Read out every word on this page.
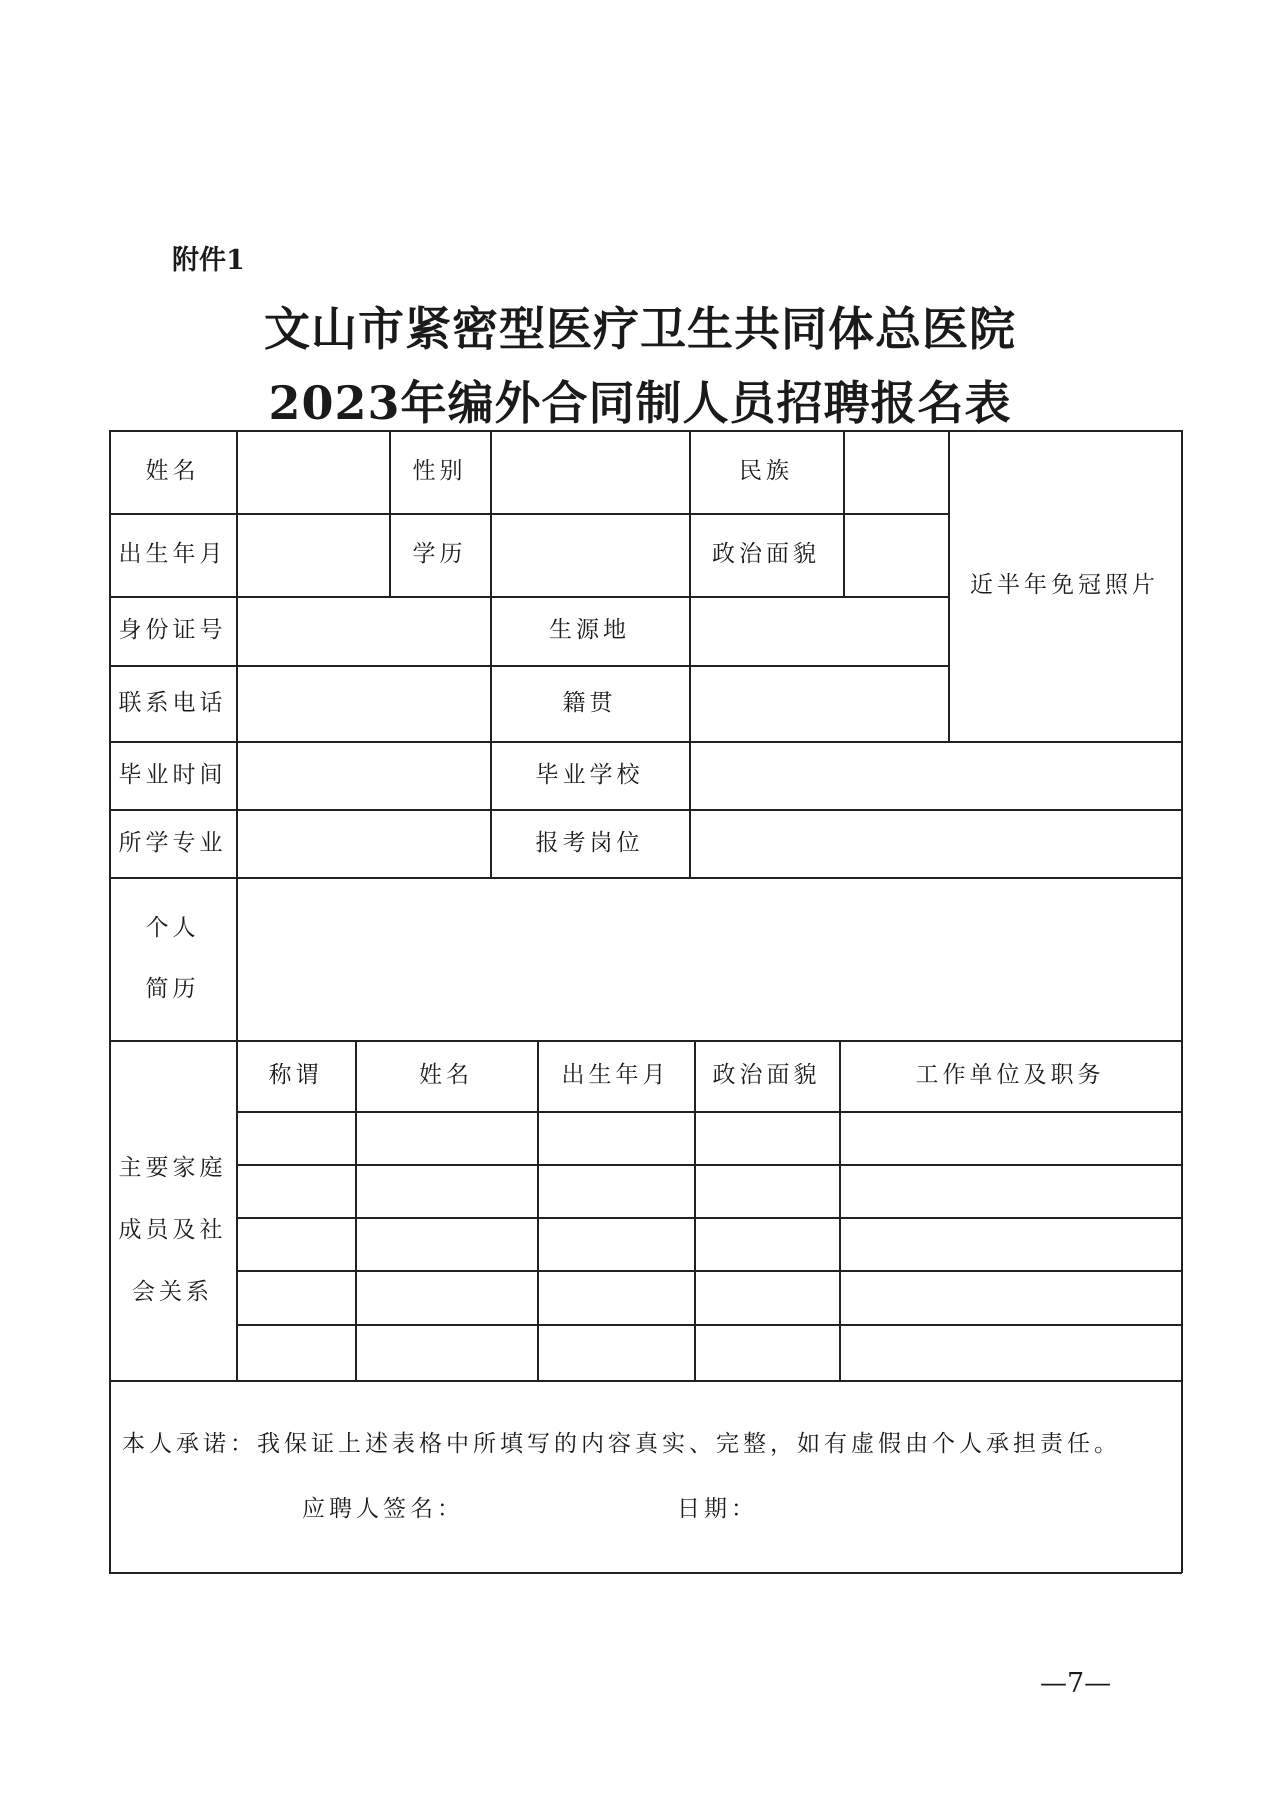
附件1
文山市紧密型医疗卫生共同体总医院
2023年编外合同制人员招聘报名表
姓名	性别	民族
出生年月	学历	政治面貌
近半年免冠照片
身份证号	生源地
联系电话	籍贯
毕业时间	毕业学校
所学专业	报考岗位
个人
简历
主要家庭
成员及社
会关系
称谓	姓名	出生年月	政治面貌	工作单位及职务
本人承诺：我保证上述表格中所填写的内容真实、完整，如有虚假由个人承担责任。
应聘人签名：	日期：
—7—
